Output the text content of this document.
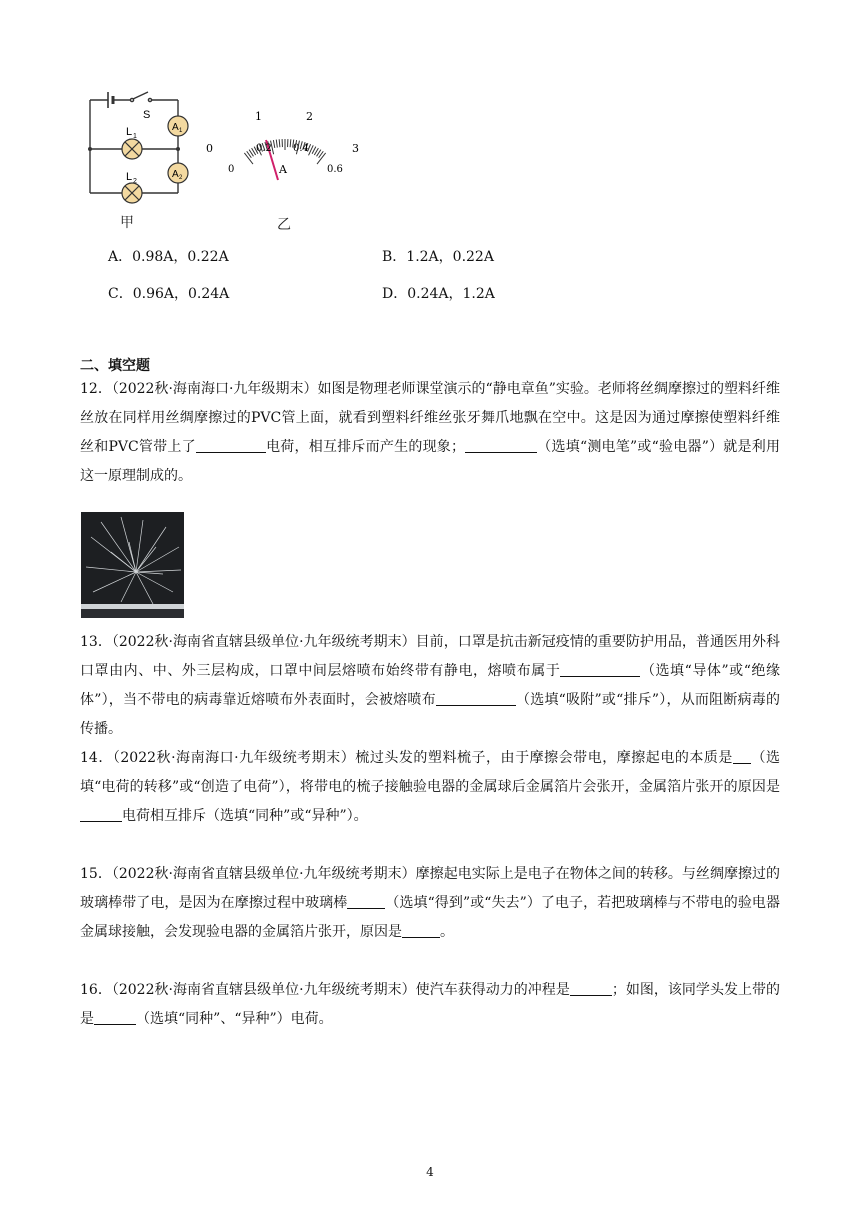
S
L 1
L 2
A 1
A 2
甲
0
1	2
3
0
0.2 0.4
0.6
A
乙
A．0.98A，0.22A	B．1.2A，0.22A
C．0.96A，0.24A	D．0.24A，1.2A
二、填空题
12．（2022秋·海南海口·九年级期末）如图是物理老师课堂演示的“静电章鱼”实验。老师将丝绸摩擦过的塑料纤维丝放在同样用丝绸摩擦过的PVC管上面，就看到塑料纤维丝张牙舞爪地飘在空中。这是因为通过摩擦使塑料纤维丝和PVC管带上了	电荷，相互排斥而产生的现象；	（选填“测电笔”或“验电器”）就是利用这一原理制成的。
13．（2022秋·海南省直辖县级单位·九年级统考期末）目前，口罩是抗击新冠疫情的重要防护用品，普通医用外科口罩由内、中、外三层构成，口罩中间层熔喷布始终带有静电，熔喷布属于	（选填“导体”或“绝缘体”），当不带电的病毒靠近熔喷布外表面时，会被熔喷布	（选填“吸附”或“排斥”），从而阻断病毒的传播。
14．（2022秋·海南海口·九年级统考期末）梳过头发的塑料梳子，由于摩擦会带电，摩擦起电的本质是 （选填“电荷的转移”或“创造了电荷”），将带电的梳子接触验电器的金属球后金属箔片会张开，金属箔片张开的原因是电荷相互排斥（选填“同种”或“异种”）。
15．（2022秋·海南省直辖县级单位·九年级统考期末）摩擦起电实际上是电子在物体之间的转移。与丝绸摩擦过的玻璃棒带了电，是因为在摩擦过程中玻璃棒	（选填“得到”或“失去”）了电子，若把玻璃棒与不带电的验电器金属球接触，会发现验电器的金属箔片张开，原因是	。
16．（2022秋·海南省直辖县级单位·九年级统考期末）使汽车获得动力的冲程是	；如图，该同学头发上带的是	（选填“同种”、“异种”）电荷。
4
